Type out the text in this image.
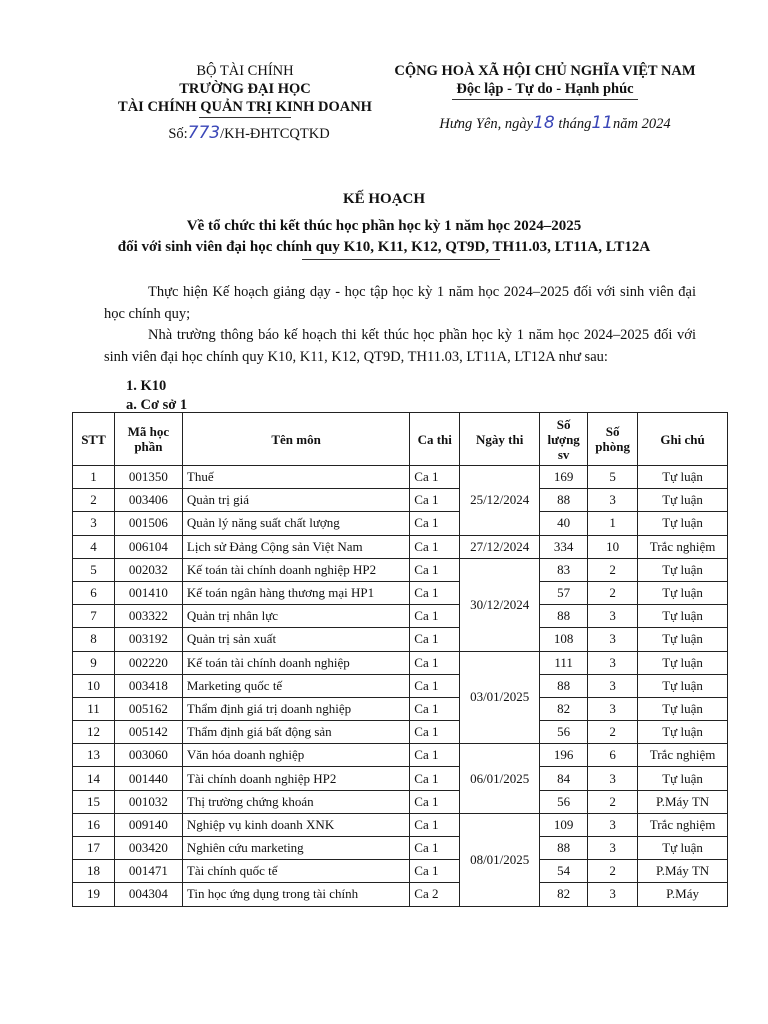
BỘ TÀI CHÍNH
TRƯỜNG ĐẠI HỌC
TÀI CHÍNH QUẢN TRỊ KINH DOANH
Số:773/KH-ĐHTCQTKD
CỘNG HOÀ XÃ HỘI CHỦ NGHĨA VIỆT NAM
Độc lập - Tự do - Hạnh phúc
Hưng Yên, ngày18 tháng11năm 2024
KẾ HOẠCH
Về tổ chức thi kết thúc học phần học kỳ 1 năm học 2024–2025
đối với sinh viên đại học chính quy K10, K11, K12, QT9D, TH11.03, LT11A, LT12A
Thực hiện Kế hoạch giảng dạy - học tập học kỳ 1 năm học 2024–2025 đối với sinh viên đại học chính quy;
Nhà trường thông báo kế hoạch thi kết thúc học phần học kỳ 1 năm học 2024–2025 đối với sinh viên đại học chính quy K10, K11, K12, QT9D, TH11.03, LT11A, LT12A như sau:
1. K10
a. Cơ sở 1
STT	Mã học phần	Tên môn	Ca thi	Ngày thi	Số lượng sv	Số phòng	Ghi chú
1	001350	Thuế	Ca 1	25/12/2024	169	5	Tự luận
2	003406	Quản trị giá	Ca 1		88	3	Tự luận
3	001506	Quản lý năng suất chất lượng	Ca 1		40	1	Tự luận
4	006104	Lịch sử Đảng Cộng sản Việt Nam	Ca 1	27/12/2024	334	10	Trắc nghiệm
5	002032	Kế toán tài chính doanh nghiệp HP2	Ca 1	30/12/2024	83	2	Tự luận
6	001410	Kế toán ngân hàng thương mại HP1	Ca 1		57	2	Tự luận
7	003322	Quản trị nhân lực	Ca 1		88	3	Tự luận
8	003192	Quản trị sản xuất	Ca 1		108	3	Tự luận
9	002220	Kế toán tài chính doanh nghiệp	Ca 1	03/01/2025	111	3	Tự luận
10	003418	Marketing quốc tế	Ca 1		88	3	Tự luận
11	005162	Thẩm định giá trị doanh nghiệp	Ca 1		82	3	Tự luận
12	005142	Thẩm định giá bất động sản	Ca 1		56	2	Tự luận
13	003060	Văn hóa doanh nghiệp	Ca 1	06/01/2025	196	6	Trắc nghiệm
14	001440	Tài chính doanh nghiệp HP2	Ca 1		84	3	Tự luận
15	001032	Thị trường chứng khoán	Ca 1		56	2	P.Máy TN
16	009140	Nghiệp vụ kinh doanh XNK	Ca 1	08/01/2025	109	3	Trắc nghiệm
17	003420	Nghiên cứu marketing	Ca 1		88	3	Tự luận
18	001471	Tài chính quốc tế	Ca 1		54	2	P.Máy TN
19	004304	Tin học ứng dụng trong tài chính	Ca 2		82	3	P.Máy
